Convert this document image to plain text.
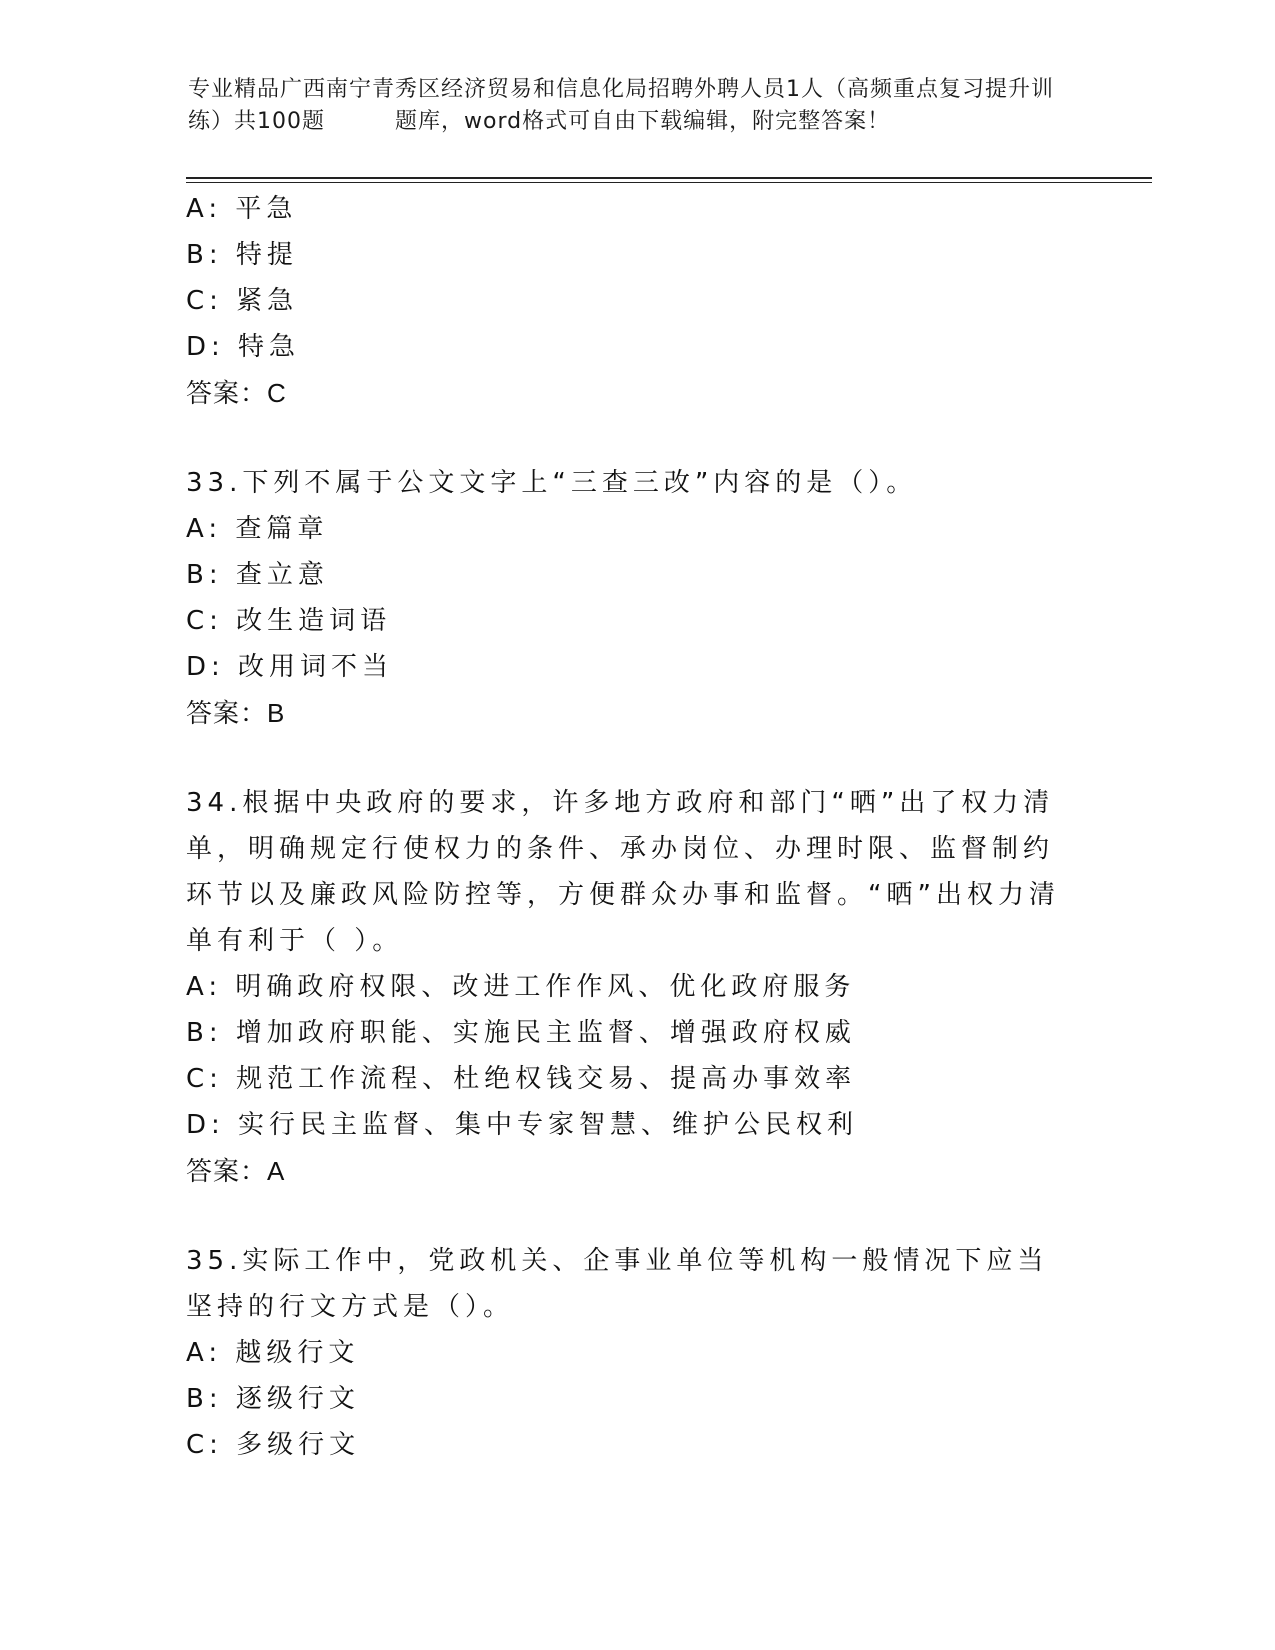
专业精品广西南宁青秀区经济贸易和信息化局招聘外聘人员1人（高频重点复习提升训练）共100题	题库，word格式可自由下载编辑，附完整答案！
A: 平急
B: 特提
C: 紧急
D: 特急
答案：C
33.下列不属于公文文字上“三查三改”内容的是（）。
A: 查篇章
B: 查立意
C: 改生造词语
D: 改用词不当
答案：B
34.根据中央政府的要求，许多地方政府和部门“晒”出了权力清单，明确规定行使权力的条件、承办岗位、办理时限、监督制约环节以及廉政风险防控等，方便群众办事和监督。“晒”出权力清单有利于（ ）。
A: 明确政府权限、改进工作作风、优化政府服务
B: 增加政府职能、实施民主监督、增强政府权威
C: 规范工作流程、杜绝权钱交易、提高办事效率
D: 实行民主监督、集中专家智慧、维护公民权利
答案：A
35.实际工作中，党政机关、企事业单位等机构一般情况下应当坚持的行文方式是（）。
A: 越级行文
B: 逐级行文
C: 多级行文
